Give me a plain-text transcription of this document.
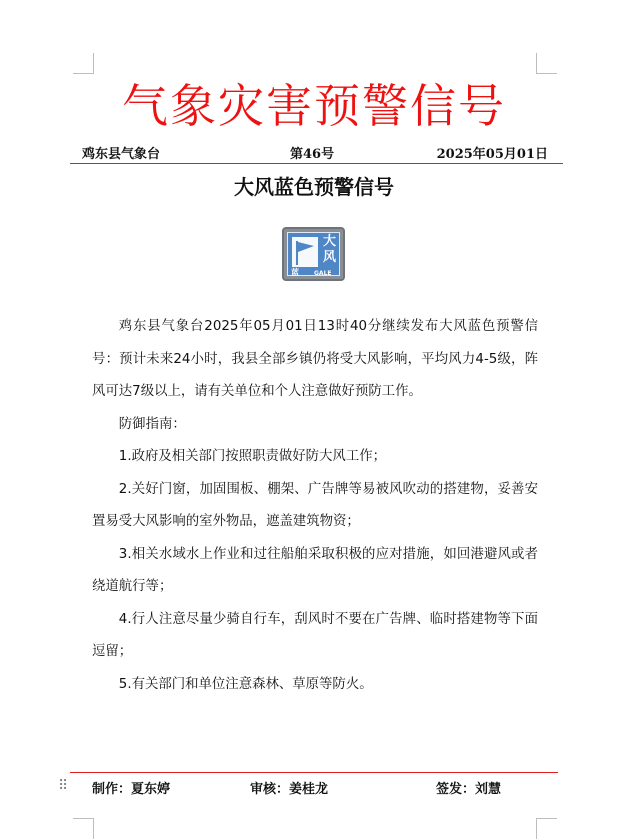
气象灾害预警信号
鸡东县气象台	第46号	2025年05月01日
大风蓝色预警信号
大
风
蓝	GALE

鸡东县气象台2025年05月01日13时40分继续发布大风蓝色预警信号：预计未来24小时，我县全部乡镇仍将受大风影响，平均风力4-5级，阵风可达7级以上，请有关单位和个人注意做好预防工作。

防御指南：

1.政府及相关部门按照职责做好防大风工作；

2.关好门窗，加固围板、棚架、广告牌等易被风吹动的搭建物，妥善安置易受大风影响的室外物品，遮盖建筑物资；

3.相关水域水上作业和过往船舶采取积极的应对措施，如回港避风或者绕道航行等；

4.行人注意尽量少骑自行车，刮风时不要在广告牌、临时搭建物等下面逗留；

5.有关部门和单位注意森林、草原等防火。

⠿ 制作：夏东婷	审核：姜桂龙	签发：刘慧
